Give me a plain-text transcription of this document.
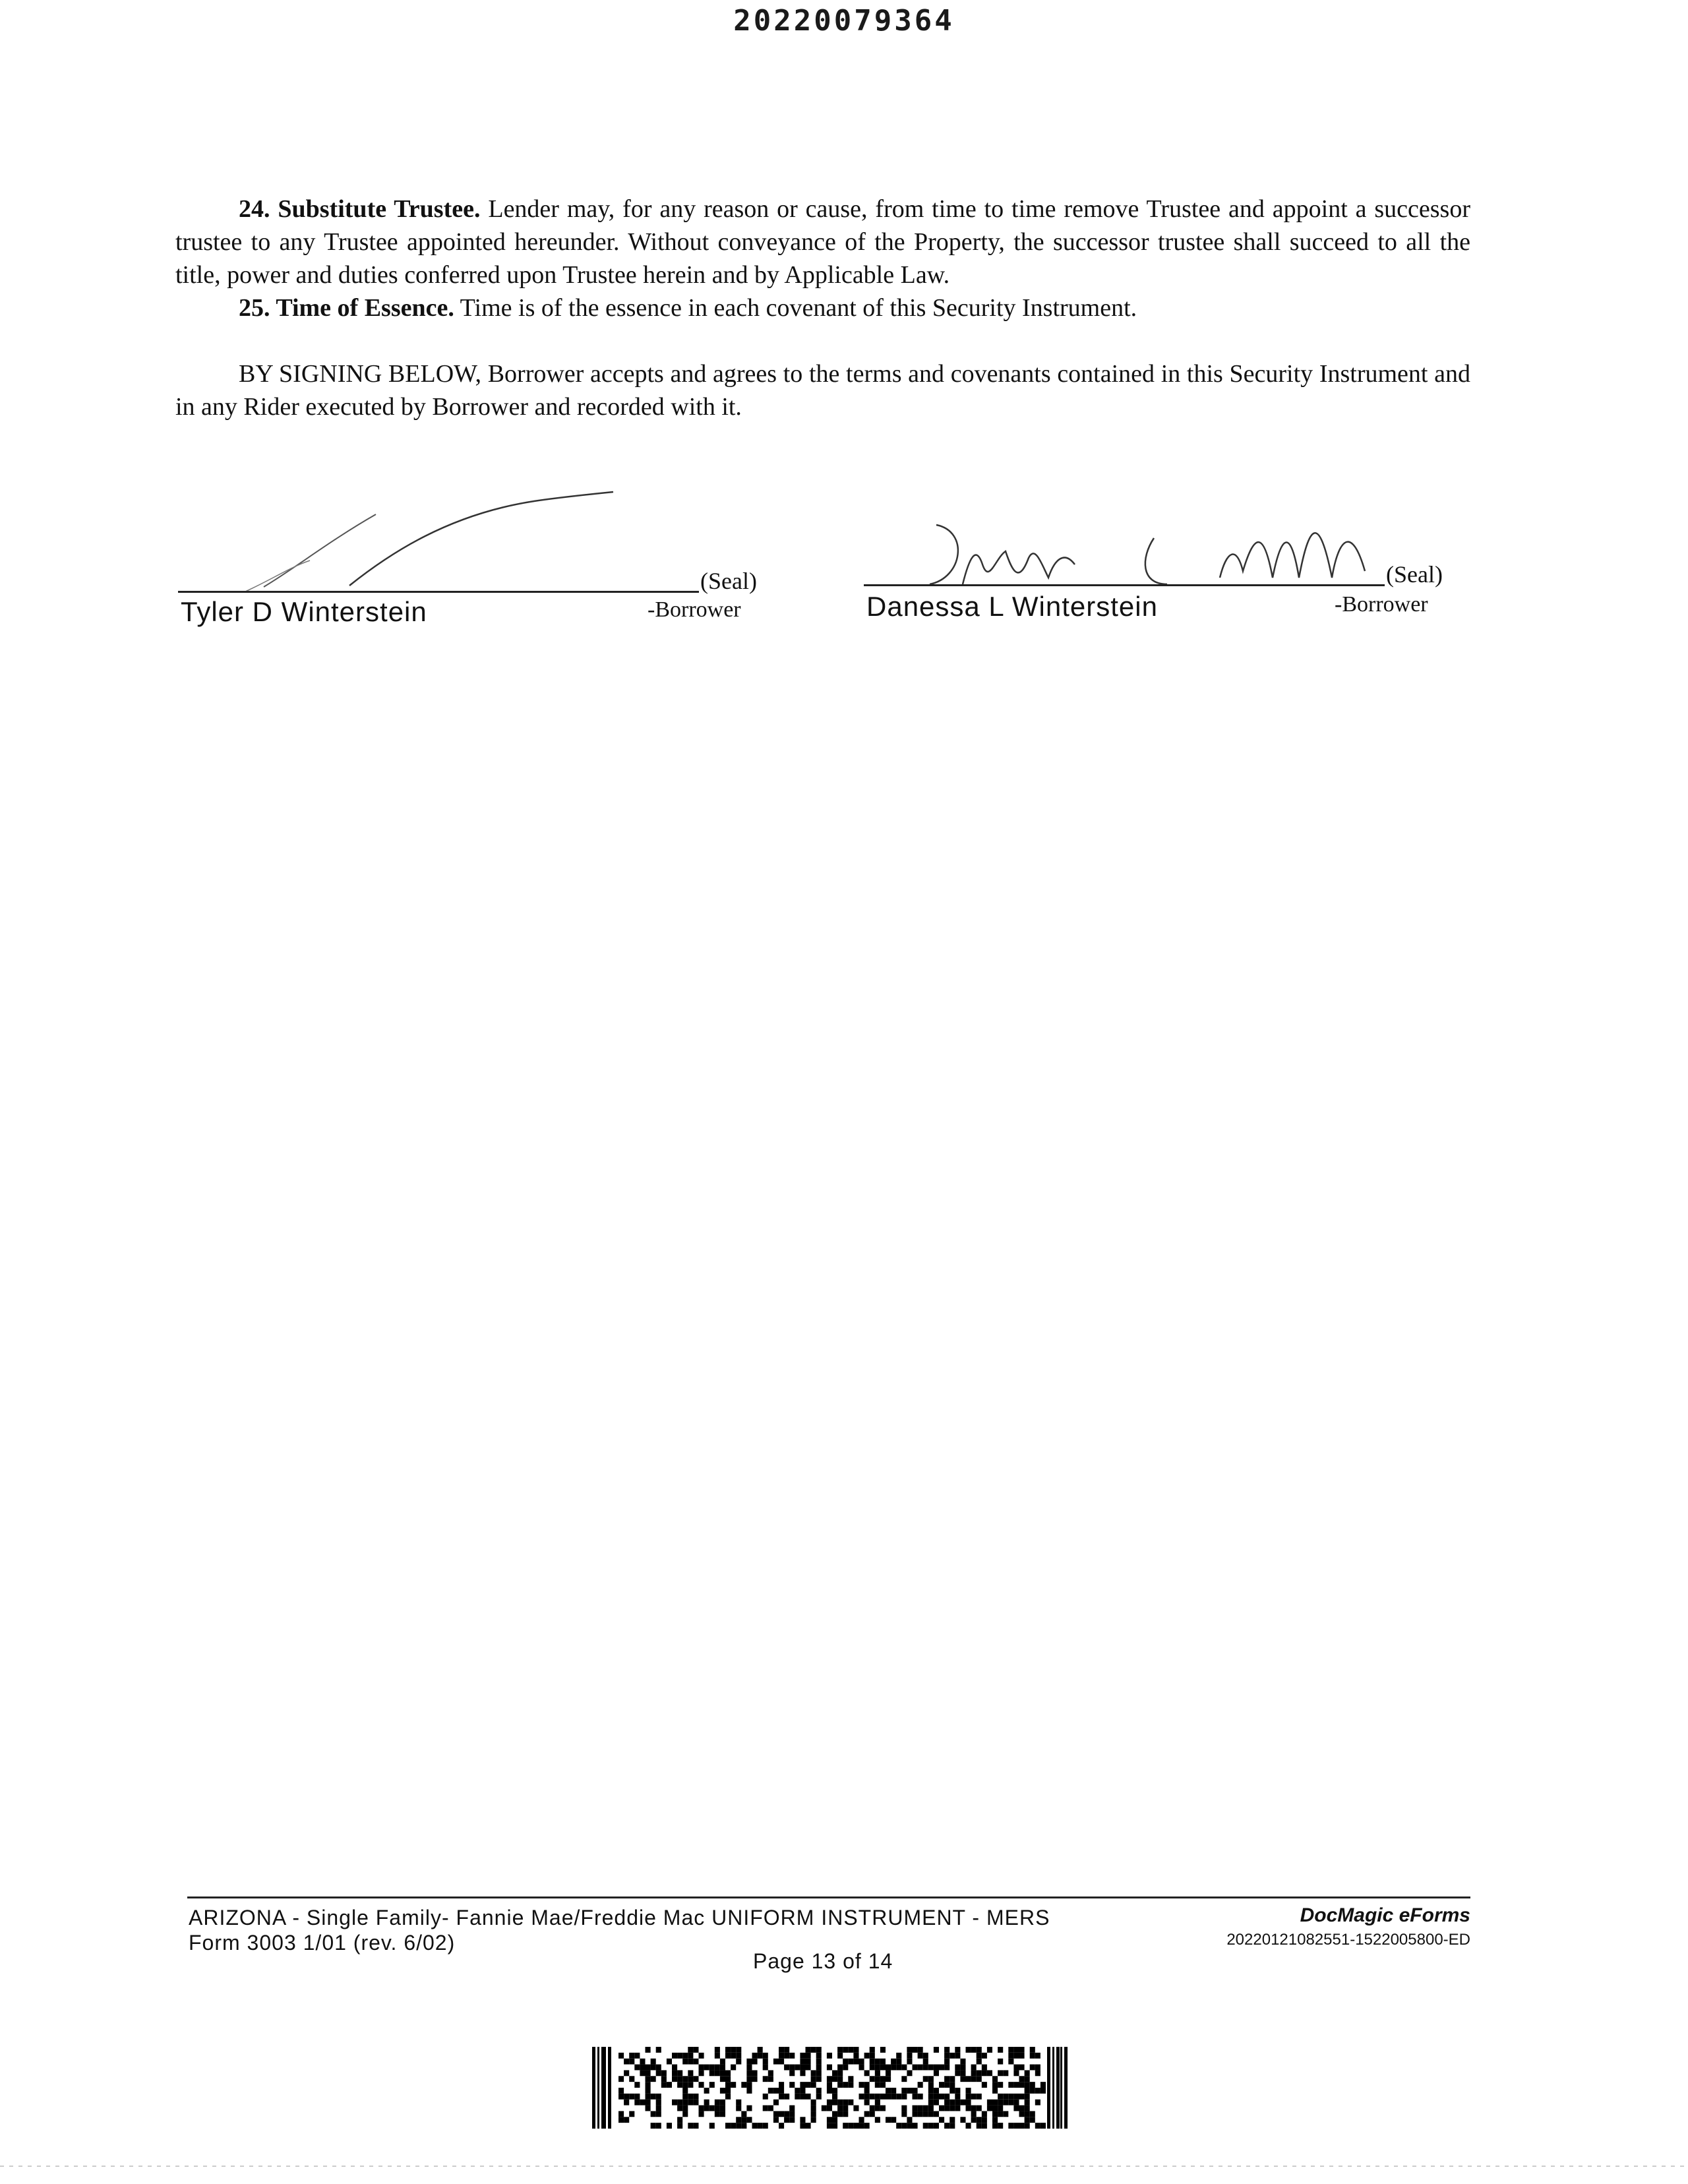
20220079364
24. Substitute Trustee. Lender may, for any reason or cause, from time to time remove Trustee and appoint a successor trustee to any Trustee appointed hereunder. Without conveyance of the Property, the successor trustee shall succeed to all the title, power and duties conferred upon Trustee herein and by Applicable Law.
25. Time of Essence. Time is of the essence in each covenant of this Security Instrument.
BY SIGNING BELOW, Borrower accepts and agrees to the terms and covenants contained in this Security Instrument and in any Rider executed by Borrower and recorded with it.
(Seal)
Tyler D Winterstein	-Borrower
(Seal)
Danessa L Winterstein	-Borrower
ARIZONA - Single Family- Fannie Mae/Freddie Mac UNIFORM INSTRUMENT - MERS
Form 3003 1/01 (rev. 6/02)
Page 13 of 14
DocMagic eForms
20220121082551-1522005800-ED
